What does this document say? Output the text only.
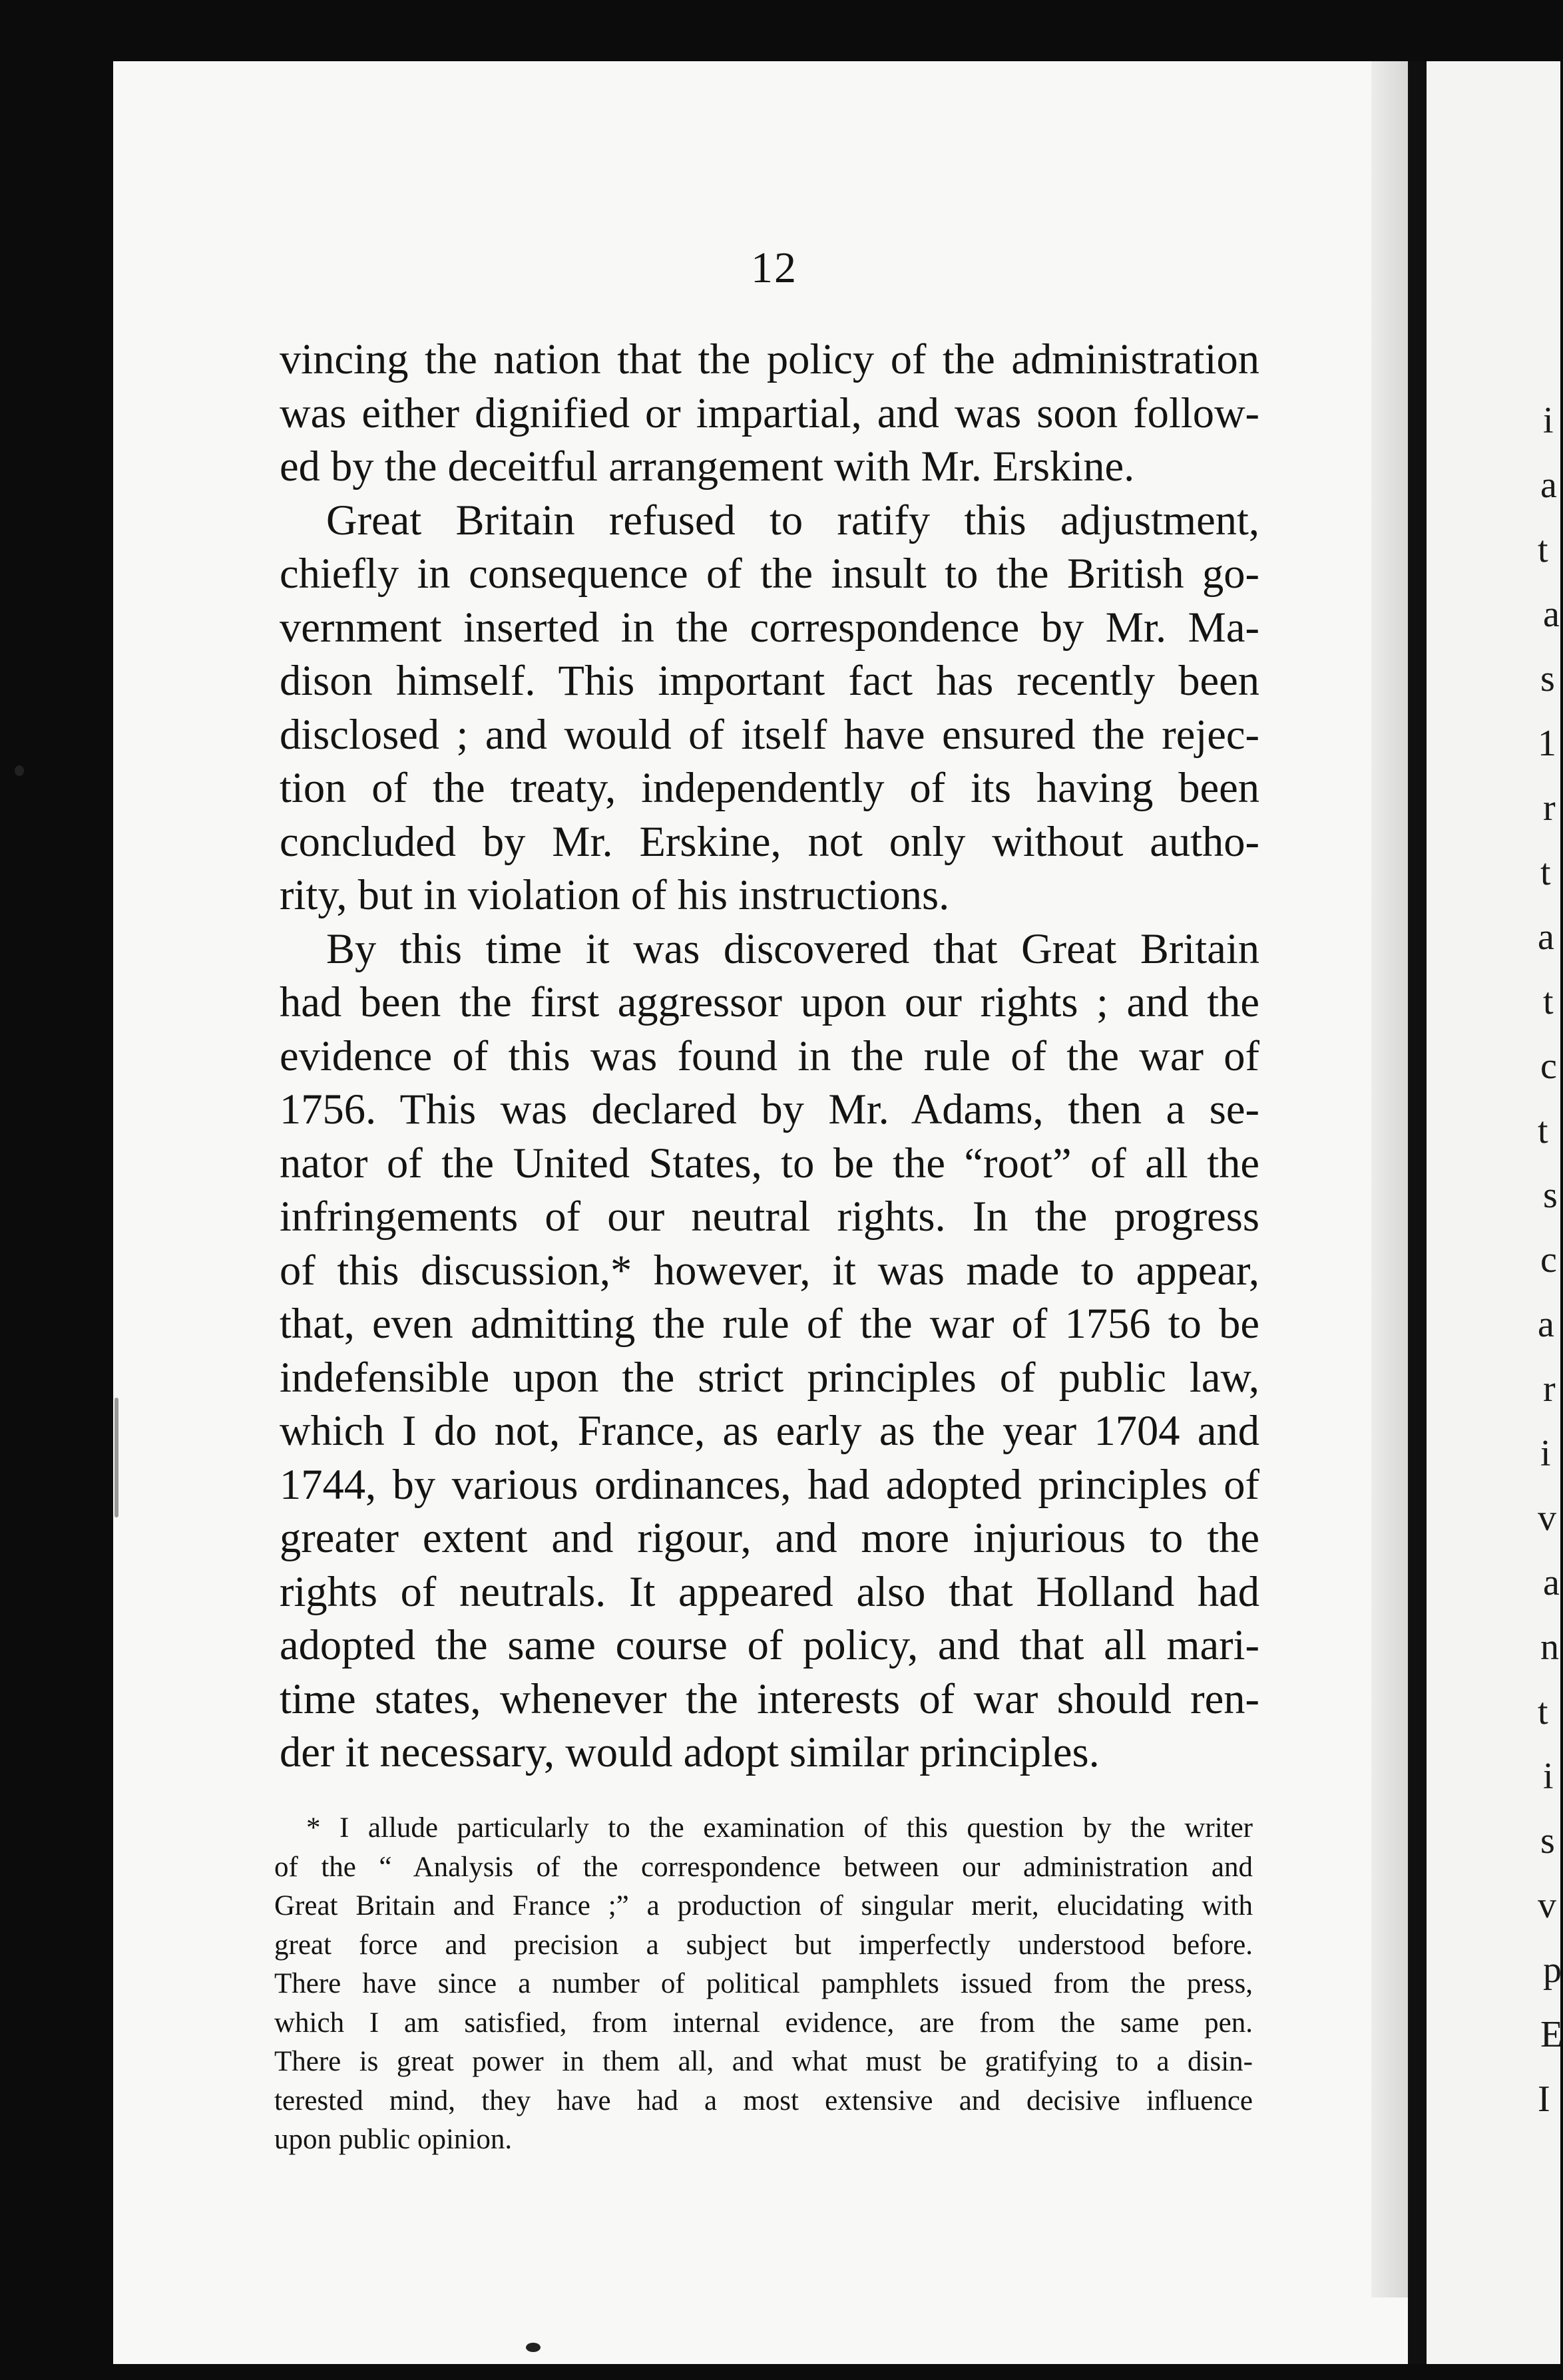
12

vincing the nation that the policy of the administration
was either dignified or impartial, and was soon follow-
ed by the deceitful arrangement with Mr. Erskine.

Great Britain refused to ratify this adjustment,
chiefly in consequence of the insult to the British go-
vernment inserted in the correspondence by Mr. Ma-
dison himself. This important fact has recently been
disclosed ; and would of itself have ensured the rejec-
tion of the treaty, independently of its having been
concluded by Mr. Erskine, not only without autho-
rity, but in violation of his instructions.

By this time it was discovered that Great Britain
had been the first aggressor upon our rights ; and the
evidence of this was found in the rule of the war of
1756. This was declared by Mr. Adams, then a se-
nator of the United States, to be the “root” of all the
infringements of our neutral rights. In the progress
of this discussion,* however, it was made to appear,
that, even admitting the rule of the war of 1756 to be
indefensible upon the strict principles of public law,
which I do not, France, as early as the year 1704 and
1744, by various ordinances, had adopted principles of
greater extent and rigour, and more injurious to the
rights of neutrals. It appeared also that Holland had
adopted the same course of policy, and that all mari-
time states, whenever the interests of war should ren-
der it necessary, would adopt similar principles.

* I allude particularly to the examination of this question by the writer
of the “ Analysis of the correspondence between our administration and
Great Britain and France ;” a production of singular merit, elucidating with
great force and precision a subject but imperfectly understood before.
There have since a number of political pamphlets issued from the press,
which I am satisfied, from internal evidence, are from the same pen.
There is great power in them all, and what must be gratifying to a disin-
terested mind, they have had a most extensive and decisive influence
upon public opinion.
i
a
t
a
s
1
r
t
a
t
c
t
s
c
a
r
i
v
a
n
t
i
s
v
p
E
I
